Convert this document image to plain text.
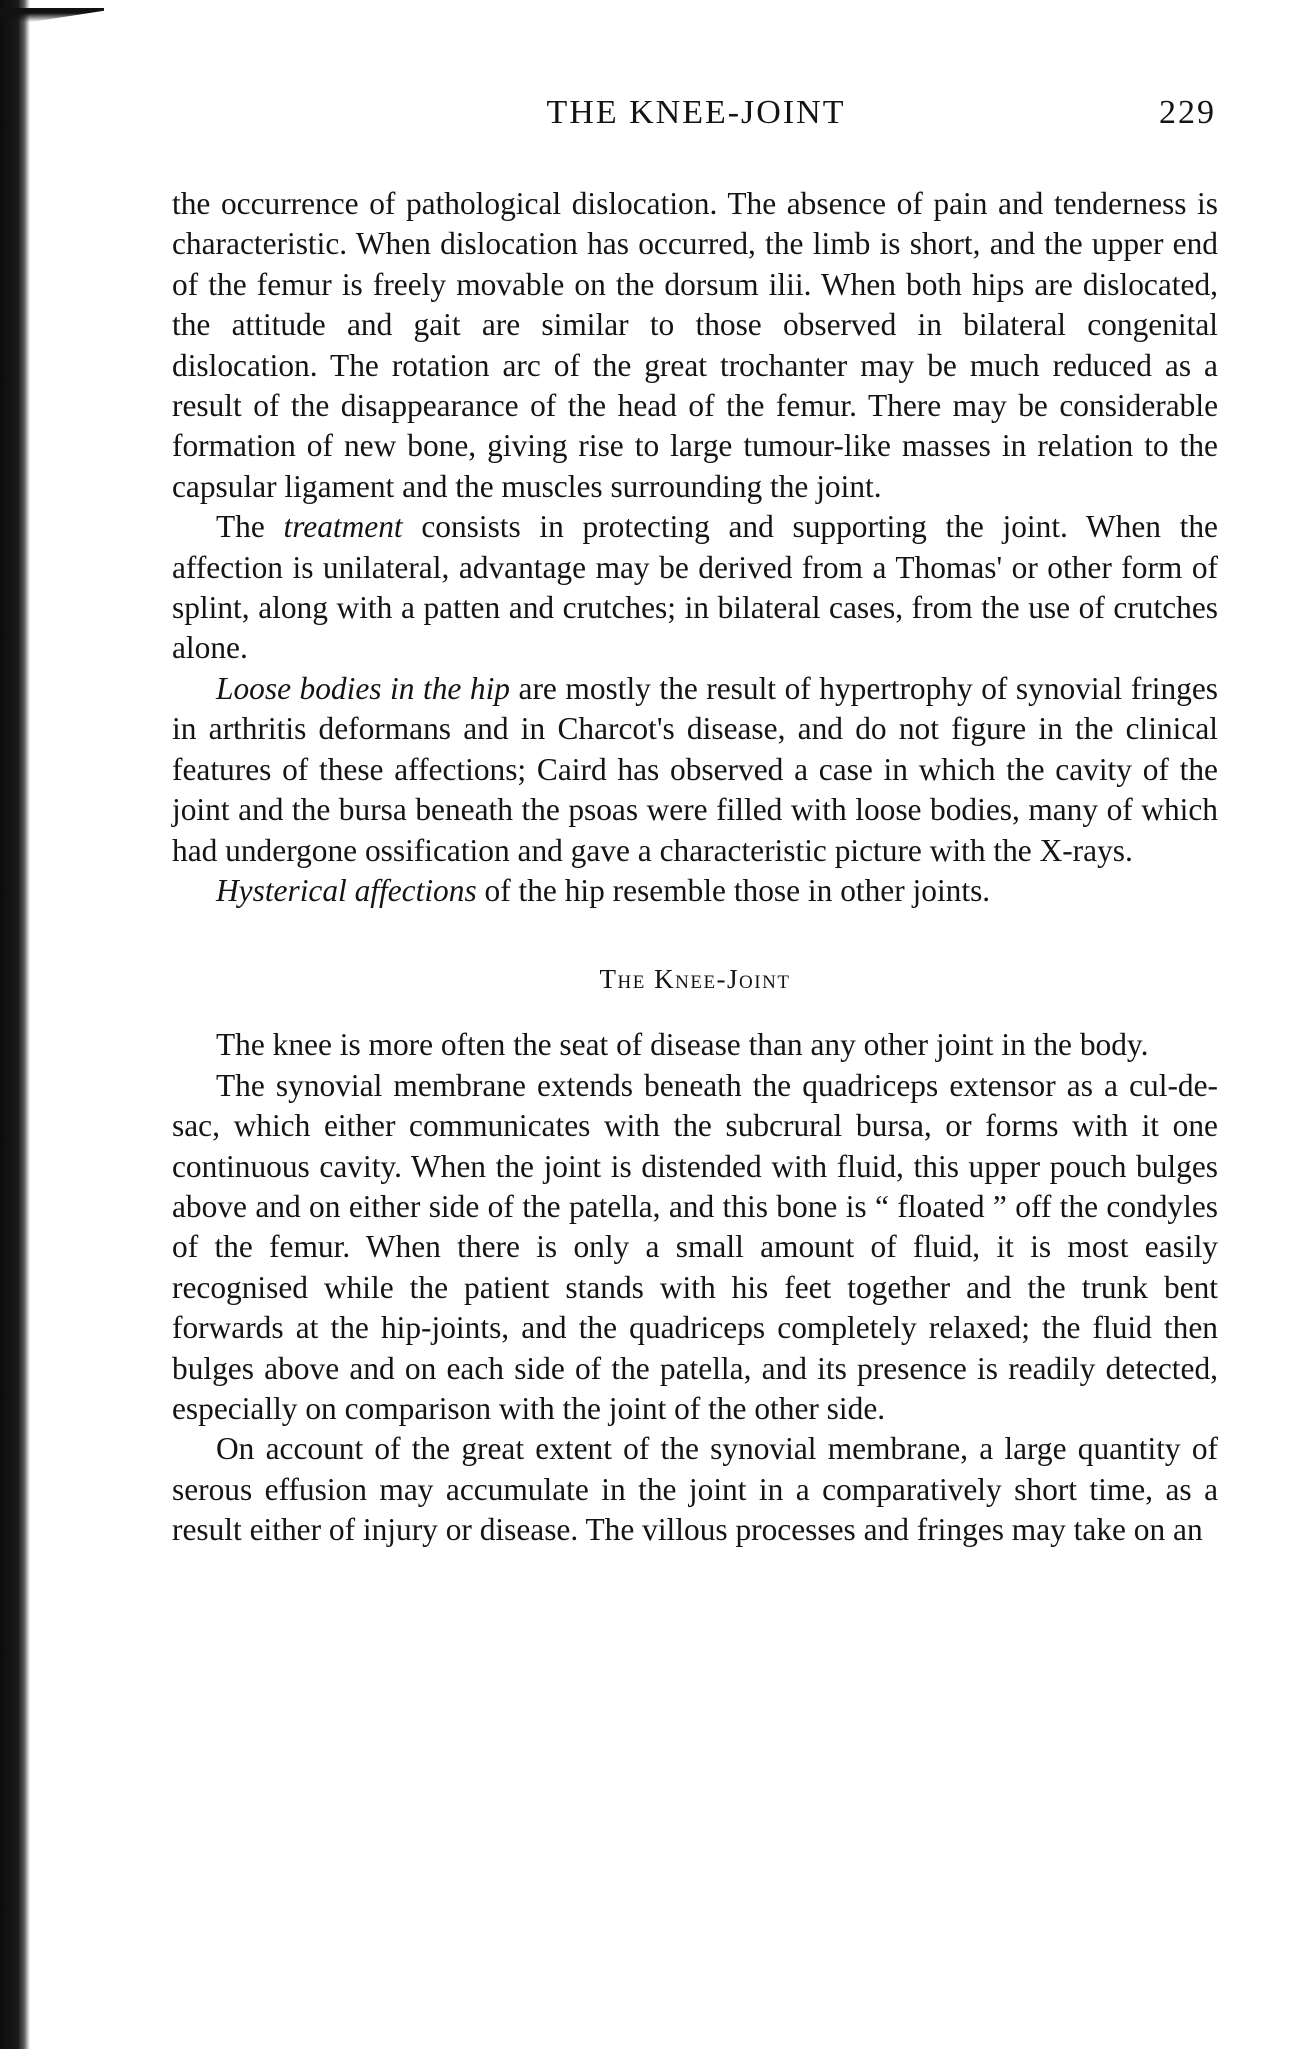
THE KNEE-JOINT	229

the occurrence of pathological dislocation. The absence of pain and tenderness is characteristic. When dislocation has occurred, the limb is short, and the upper end of the femur is freely movable on the dorsum ilii. When both hips are dislocated, the attitude and gait are similar to those observed in bilateral congenital dislocation. The rotation arc of the great trochanter may be much reduced as a result of the disappearance of the head of the femur. There may be considerable formation of new bone, giving rise to large tumour-like masses in relation to the capsular ligament and the muscles surrounding the joint.

The treatment consists in protecting and supporting the joint. When the affection is unilateral, advantage may be derived from a Thomas' or other form of splint, along with a patten and crutches; in bilateral cases, from the use of crutches alone.

Loose bodies in the hip are mostly the result of hypertrophy of synovial fringes in arthritis deformans and in Charcot's disease, and do not figure in the clinical features of these affections; Caird has observed a case in which the cavity of the joint and the bursa beneath the psoas were filled with loose bodies, many of which had undergone ossification and gave a characteristic picture with the X-rays.

Hysterical affections of the hip resemble those in other joints.

The Knee-Joint

The knee is more often the seat of disease than any other joint in the body.

The synovial membrane extends beneath the quadriceps extensor as a cul-de-sac, which either communicates with the subcrural bursa, or forms with it one continuous cavity. When the joint is distended with fluid, this upper pouch bulges above and on either side of the patella, and this bone is “ floated ” off the condyles of the femur. When there is only a small amount of fluid, it is most easily recognised while the patient stands with his feet together and the trunk bent forwards at the hip-joints, and the quadriceps completely relaxed; the fluid then bulges above and on each side of the patella, and its presence is readily detected, especially on comparison with the joint of the other side.

On account of the great extent of the synovial membrane, a large quantity of serous effusion may accumulate in the joint in a comparatively short time, as a result either of injury or disease. The villous processes and fringes may take on an
